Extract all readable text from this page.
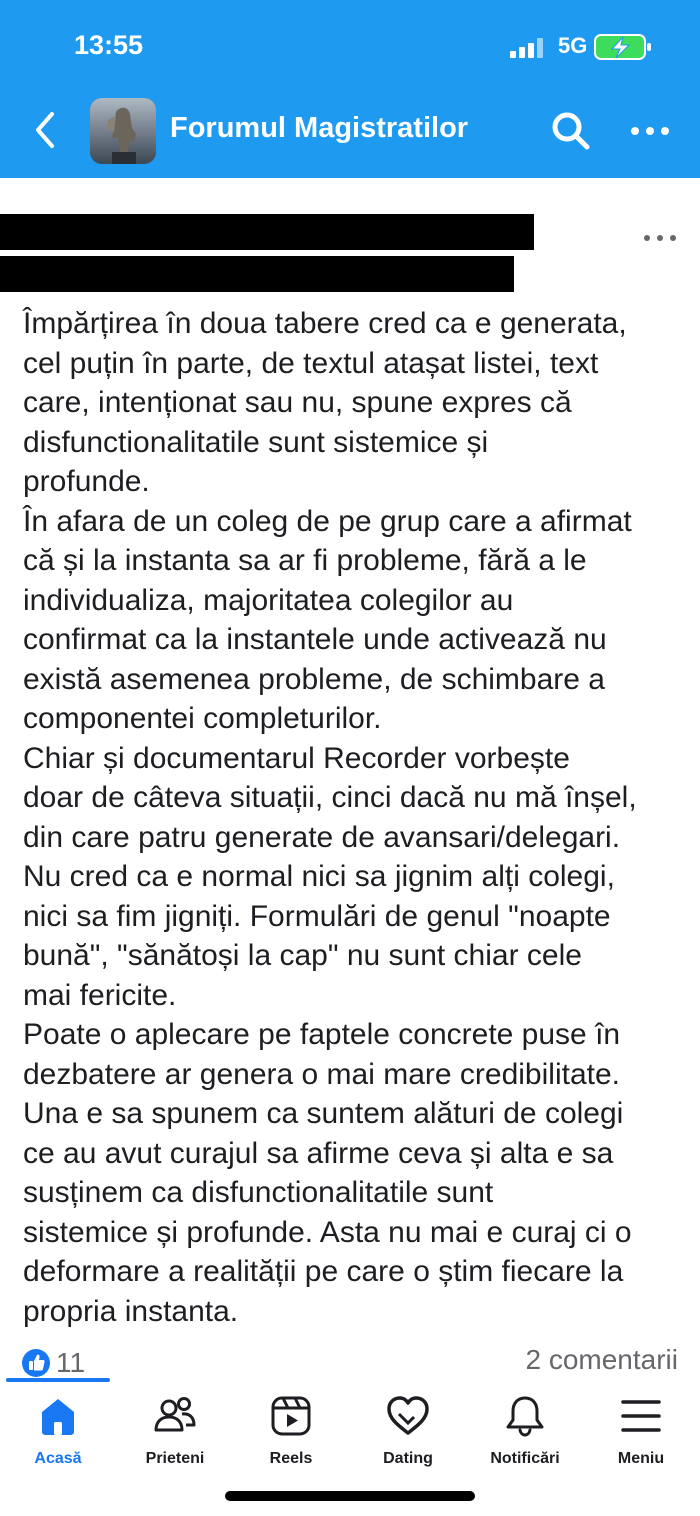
13:55	5G
Forumul Magistratilor
Împărțirea în doua tabere cred ca e generata,
cel puțin în parte, de textul atașat listei, text
care, intenționat sau nu, spune expres că
disfunctionalitatile sunt sistemice și
profunde.
În afara de un coleg de pe grup care a afirmat
că și la instanta sa ar fi probleme, fără a le
individualiza, majoritatea colegilor au
confirmat ca la instantele unde activează nu
există asemenea probleme, de schimbare a
componentei completurilor.
Chiar și documentarul Recorder vorbește
doar de câteva situații, cinci dacă nu mă înșel,
din care patru generate de avansari/delegari.
Nu cred ca e normal nici sa jignim alți colegi,
nici sa fim jigniți. Formulări de genul "noapte
bună", "sănătoși la cap" nu sunt chiar cele
mai fericite.
Poate o aplecare pe faptele concrete puse în
dezbatere ar genera o mai mare credibilitate.
Una e sa spunem ca suntem alături de colegi
ce au avut curajul sa afirme ceva și alta e sa
susținem ca disfunctionalitatile sunt
sistemice și profunde. Asta nu mai e curaj ci o
deformare a realității pe care o știm fiecare la
propria instanta.
11	2 comentarii
Acasă	Prieteni	Reels	Dating	Notificări	Meniu
